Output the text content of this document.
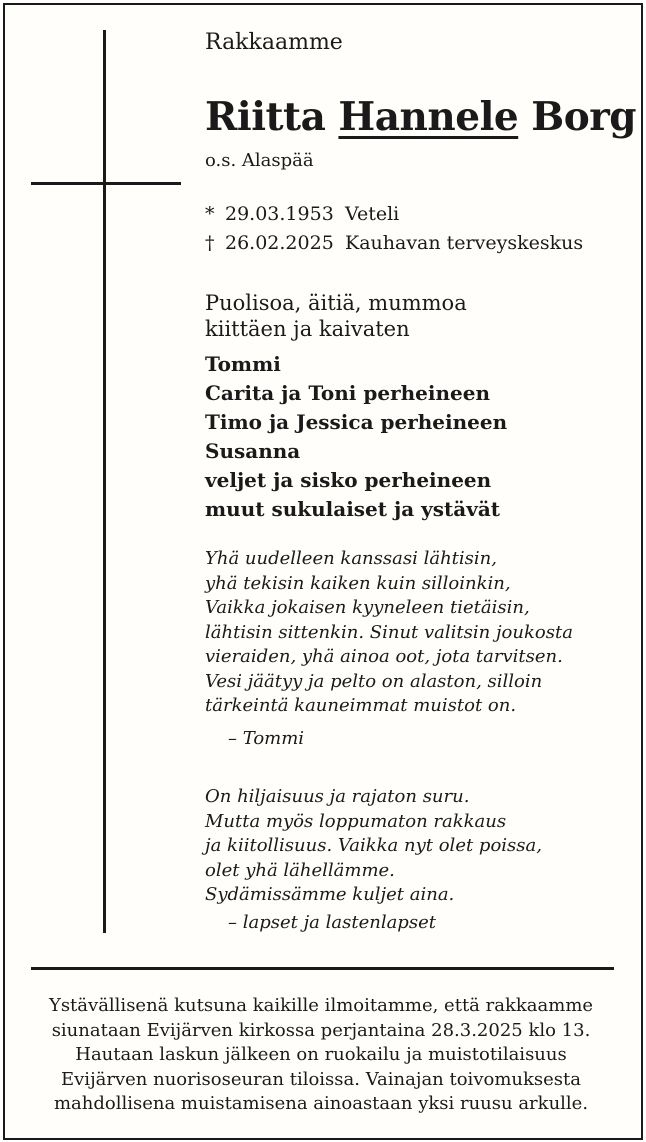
Rakkaamme
Riitta Hannele Borg
o.s. Alaspää
* 29.03.1953 Veteli
† 26.02.2025 Kauhavan terveyskeskus
Puolisoa, äitiä, mummoa
kiittäen ja kaivaten
Tommi
Carita ja Toni perheineen
Timo ja Jessica perheineen
Susanna
veljet ja sisko perheineen
muut sukulaiset ja ystävät
Yhä uudelleen kanssasi lähtisin,
yhä tekisin kaiken kuin silloinkin,
Vaikka jokaisen kyyneleen tietäisin,
lähtisin sittenkin. Sinut valitsin joukosta
vieraiden, yhä ainoa oot, jota tarvitsen.
Vesi jäätyy ja pelto on alaston, silloin
tärkeintä kauneimmat muistot on.
– Tommi
On hiljaisuus ja rajaton suru.
Mutta myös loppumaton rakkaus
ja kiitollisuus. Vaikka nyt olet poissa,
olet yhä lähellämme.
Sydämissämme kuljet aina.
– lapset ja lastenlapset
Ystävällisenä kutsuna kaikille ilmoitamme, että rakkaamme
siunataan Evijärven kirkossa perjantaina 28.3.2025 klo 13.
Hautaan laskun jälkeen on ruokailu ja muistotilaisuus
Evijärven nuorisoseuran tiloissa. Vainajan toivomuksesta
mahdollisena muistamisena ainoastaan yksi ruusu arkulle.
